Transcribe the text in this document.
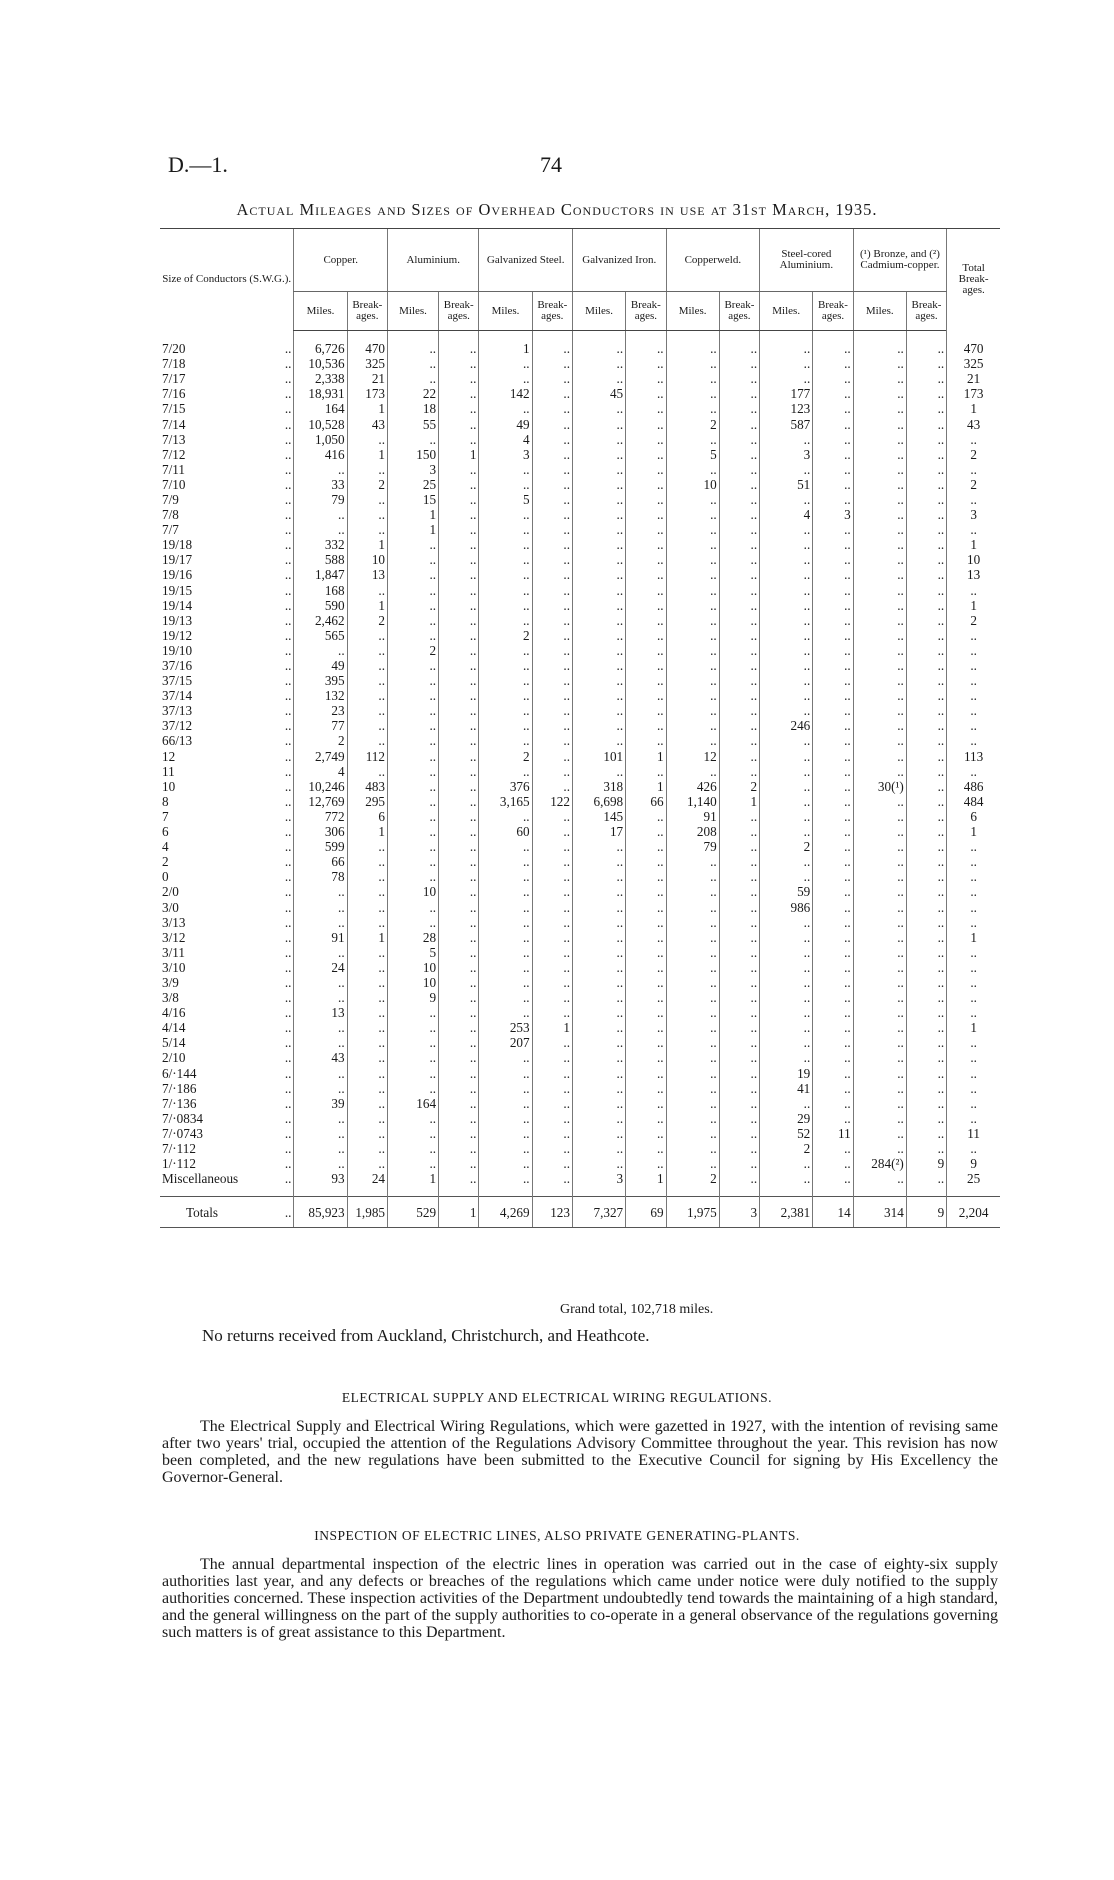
D.—1.	74
Actual Mileages and Sizes of Overhead Conductors in use at 31st March, 1935.
Size of Conductors (S.W.G.).	Copper.		Aluminium.		Galvanized Steel.		Galvanized Iron.		Copperweld.		Steel-cored Aluminium.		(¹) Bronze, and (²) Cadmium-copper.		Total Break-ages.
	Miles.	Break-ages.	Miles.	Break-ages.	Miles.	Break-ages.	Miles.	Break-ages.	Miles.	Break-ages.	Miles.	Break-ages.	Miles.	Break-ages.	

7/20 ..	6,726	470	..	..	1	..	..	..	..	..	..	..	..	..	470
7/18 ..	10,536	325	..	..	..	..	..	..	..	..	..	..	..	..	325
7/17 ..	2,338	21	..	..	..	..	..	..	..	..	..	..	..	..	21
7/16 ..	18,931	173	22	..	142	..	45	..	..	..	177	..	..	..	173
7/15 ..	164	1	18	..	..	..	..	..	..	..	123	..	..	..	1
7/14 ..	10,528	43	55	..	49	..	..	..	2	..	587	..	..	..	43
7/13 ..	1,050	..	..	..	4	..	..	..	..	..	..	..	..	..	..
7/12 ..	416	1	150	1	3	..	..	..	5	..	3	..	..	..	2
7/11 ..	..	..	3	..	..	..	..	..	..	..	..	..	..	..	..
7/10 ..	33	2	25	..	..	..	..	..	10	..	51	..	..	..	2
7/9 ..	79	..	15	..	5	..	..	..	..	..	..	..	..	..	..
7/8 ..	..	..	1	..	..	..	..	..	..	..	4	3	..	..	3
7/7 ..	..	..	1	..	..	..	..	..	..	..	..	..	..	..	..
19/18 ..	332	1	..	..	..	..	..	..	..	..	..	..	..	..	1
19/17 ..	588	10	..	..	..	..	..	..	..	..	..	..	..	..	10
19/16 ..	1,847	13	..	..	..	..	..	..	..	..	..	..	..	..	13
19/15 ..	168	..	..	..	..	..	..	..	..	..	..	..	..	..	..
19/14 ..	590	1	..	..	..	..	..	..	..	..	..	..	..	..	1
19/13 ..	2,462	2	..	..	..	..	..	..	..	..	..	..	..	..	2
19/12 ..	565	..	..	..	2	..	..	..	..	..	..	..	..	..	..
19/10 ..	..	..	2	..	..	..	..	..	..	..	..	..	..	..	..
37/16 ..	49	..	..	..	..	..	..	..	..	..	..	..	..	..	..
37/15 ..	395	..	..	..	..	..	..	..	..	..	..	..	..	..	..
37/14 ..	132	..	..	..	..	..	..	..	..	..	..	..	..	..	..
37/13 ..	23	..	..	..	..	..	..	..	..	..	..	..	..	..	..
37/12 ..	77	..	..	..	..	..	..	..	..	..	246	..	..	..	..
66/13 ..	2	..	..	..	..	..	..	..	..	..	..	..	..	..	..
12 ..	2,749	112	..	..	2	..	101	1	12	..	..	..	..	..	113
11 ..	4	..	..	..	..	..	..	..	..	..	..	..	..	..	..
10 ..	10,246	483	..	..	376	..	318	1	426	2	..	..	30(¹)	..	486
8 ..	12,769	295	..	..	3,165	122	6,698	66	1,140	1	..	..	..	..	484
7 ..	772	6	..	..	..	..	145	..	91	..	..	..	..	..	6
6 ..	306	1	..	..	60	..	17	..	208	..	..	..	..	..	1
4 ..	599	..	..	..	..	..	..	..	79	..	2	..	..	..	..
2 ..	66	..	..	..	..	..	..	..	..	..	..	..	..	..	..
0 ..	78	..	..	..	..	..	..	..	..	..	..	..	..	..	..
2/0 ..	..	..	10	..	..	..	..	..	..	..	59	..	..	..	..
3/0 ..	..	..	..	..	..	..	..	..	..	..	986	..	..	..	..
3/13 ..	..	..	..	..	..	..	..	..	..	..	..	..	..	..	..
3/12 ..	91	1	28	..	..	..	..	..	..	..	..	..	..	..	1
3/11 ..	..	..	5	..	..	..	..	..	..	..	..	..	..	..	..
3/10 ..	24	..	10	..	..	..	..	..	..	..	..	..	..	..	..
3/9 ..	..	..	10	..	..	..	..	..	..	..	..	..	..	..	..
3/8 ..	..	..	9	..	..	..	..	..	..	..	..	..	..	..	..
4/16 ..	13	..	..	..	..	..	..	..	..	..	..	..	..	..	..
4/14 ..	..	..	..	..	253	1	..	..	..	..	..	..	..	..	1
5/14 ..	..	..	..	..	207	..	..	..	..	..	..	..	..	..	..
2/10 ..	43	..	..	..	..	..	..	..	..	..	..	..	..	..	..
6/·144 ..	..	..	..	..	..	..	..	..	..	..	19	..	..	..	..
7/·186 ..	..	..	..	..	..	..	..	..	..	..	41	..	..	..	..
7/·136 ..	39	..	164	..	..	..	..	..	..	..	..	..	..	..	..
7/·0834 ..	..	..	..	..	..	..	..	..	..	..	29	..	..	..	..
7/·0743 ..	..	..	..	..	..	..	..	..	..	..	52	11	..	..	11
7/·112 ..	..	..	..	..	..	..	..	..	..	..	2	..	..	..	..
1/·112 ..	..	..	..	..	..	..	..	..	..	..	..	..	284(²)	9	9
Miscellaneous ..	93	24	1	..	..	..	3	1	2	..	..	..	..	..	25

Totals ..	85,923	1,985	529	1	4,269	123	7,327	69	1,975	3	2,381	14	314	9	2,204
Grand total, 102,718 miles.
No returns received from Auckland, Christchurch, and Heathcote.
ELECTRICAL SUPPLY AND ELECTRICAL WIRING REGULATIONS.
The Electrical Supply and Electrical Wiring Regulations, which were gazetted in 1927, with the intention of revising same after two years' trial, occupied the attention of the Regulations Advisory Committee throughout the year. This revision has now been completed, and the new regulations have been submitted to the Executive Council for signing by His Excellency the Governor-General.
INSPECTION OF ELECTRIC LINES, ALSO PRIVATE GENERATING-PLANTS.
The annual departmental inspection of the electric lines in operation was carried out in the case of eighty-six supply authorities last year, and any defects or breaches of the regulations which came under notice were duly notified to the supply authorities concerned. These inspection activities of the Department undoubtedly tend towards the maintaining of a high standard, and the general willingness on the part of the supply authorities to co-operate in a general observance of the regulations governing such matters is of great assistance to this Department.
